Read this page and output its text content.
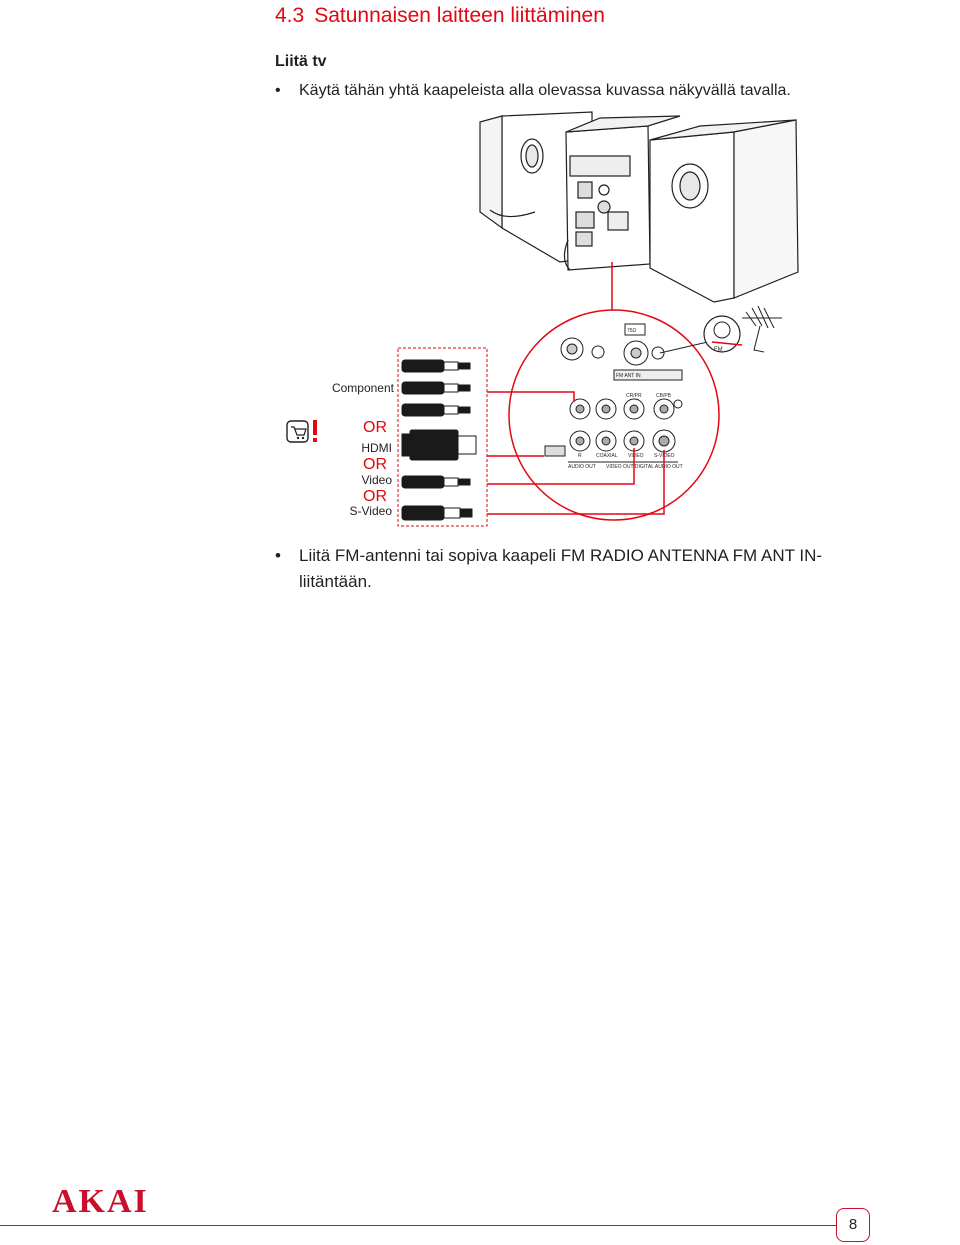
4.3 Satunnaisen laitteen liittäminen
Liitä tv
•	Käytä tähän yhtä kaapeleista alla olevassa kuvassa näkyvällä tavalla.
75Ω
FM ANT IN
CR/PR	CB/PB
R	COAXIAL VIDEO S-VIDEO
AUDIO OUT VIDEO OUT/DIGITAL AUDIO OUT
FM
Component
OR
HDMI
OR
Video
OR
S-Video
•	Liitä FM-antenni tai sopiva kaapeli FM RADIO ANTENNA FM ANT IN-liitäntään.
AKAI
8
